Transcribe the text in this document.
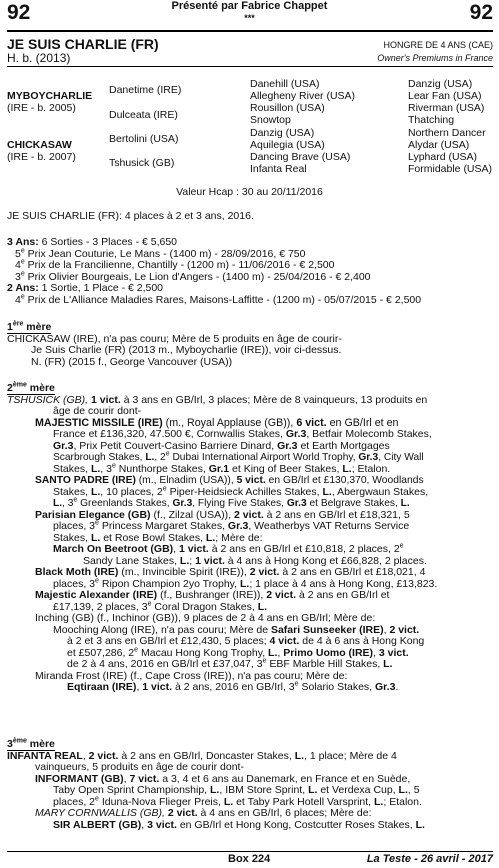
92	92
Présenté par Fabrice Chappet
***
JE SUIS CHARLIE (FR)
H. b. (2013)
HONGRE DE 4 ANS (CAE)
Owner's Premiums in France
MYBOYCHARLIE
(IRE - b. 2005)
CHICKASAW
(IRE - b. 2007)
Danetime (IRE)
Dulceata (IRE)
Bertolini (USA)
Tshusick (GB)
Danehill (USA)
Allegheny River (USA)
Rousillon (USA)
Snowtop
Danzig (USA)
Aquilegia (USA)
Dancing Brave (USA)
Infanta Real
Danzig (USA)
Lear Fan (USA)
Riverman (USA)
Thatching
Northern Dancer
Alydar (USA)
Lyphard (USA)
Formidable (USA)
Valeur Hcap : 30 au 20/11/2016
JE SUIS CHARLIE (FR): 4 places à 2 et 3 ans, 2016.
3 Ans: 6 Sorties - 3 Places - € 5,650
5e Prix Jean Couturie, Le Mans - (1400 m) - 28/09/2016, € 750
4e Prix de la Francilienne, Chantilly - (1200 m) - 11/06/2016 - € 2,500
3e Prix Olivier Bourgeais, Le Lion d'Angers - (1400 m) - 25/04/2016 - € 2,400
2 Ans: 1 Sortie, 1 Place - € 2,500
4e Prix de L'Alliance Maladies Rares, Maisons-Laffitte - (1200 m) - 05/07/2015 - € 2,500
1ère mère
CHICKASAW (IRE), n'a pas couru; Mère de 5 produits en âge de courir-
Je Suis Charlie (FR) (2013 m., Myboycharlie (IRE)), voir ci-dessus.
N. (FR) (2015 f., George Vancouver (USA))
2ème mère
TSHUSICK (GB), 1 vict. à 3 ans en GB/Irl, 3 places; Mère de 8 vainqueurs, 13 produits en
âge de courir dont-
MAJESTIC MISSILE (IRE) (m., Royal Applause (GB)), 6 vict. en GB/Irl et en
France et £136,320, 47.500 €, Cornwallis Stakes, Gr.3, Betfair Molecomb Stakes,
Gr.3, Prix Petit Couvert-Casino Barriere Dinard, Gr.3 et Earth Mortgages
Scarbrough Stakes, L., 2e Dubai International Airport World Trophy, Gr.3, City Wall
Stakes, L., 3e Nunthorpe Stakes, Gr.1 et King of Beer Stakes, L.; Etalon.
SANTO PADRE (IRE) (m., Elnadim (USA)), 5 vict. en GB/Irl et £130,370, Woodlands
Stakes, L., 10 places, 2e Piper-Heidsieck Achilles Stakes, L., Abergwaun Stakes,
L., 3e Greenlands Stakes, Gr.3, Flying Five Stakes, Gr.3 et Belgrave Stakes, L.
Parisian Elegance (GB) (f., Zilzal (USA)), 2 vict. à 2 ans en GB/Irl et £18,321, 5
places, 3e Princess Margaret Stakes, Gr.3, Weatherbys VAT Returns Service
Stakes, L. et Rose Bowl Stakes, L.; Mère de:
March On Beetroot (GB), 1 vict. à 2 ans en GB/Irl et £10,818, 2 places, 2e
Sandy Lane Stakes, L.; 1 vict. à 4 ans à Hong Kong et £66,828, 2 places.
Black Moth (IRE) (m., Invincible Spirit (IRE)), 2 vict. à 2 ans en GB/Irl et £18,021, 4
places, 3e Ripon Champion 2yo Trophy, L.; 1 place à 4 ans à Hong Kong, £13,823.
Majestic Alexander (IRE) (f., Bushranger (IRE)), 2 vict. à 2 ans en GB/Irl et
£17,139, 2 places, 3e Coral Dragon Stakes, L.
Inching (GB) (f., Inchinor (GB)), 9 places de 2 à 4 ans en GB/Irl; Mère de:
Mooching Along (IRE), n'a pas couru; Mère de Safari Sunseeker (IRE), 2 vict.
à 2 et 3 ans en GB/Irl et £12,430, 5 places; 4 vict. de 4 à 6 ans à Hong Kong
et £507,286, 2e Macau Hong Kong Trophy, L., Primo Uomo (IRE), 3 vict.
de 2 à 4 ans, 2016 en GB/Irl et £37,047, 3e EBF Marble Hill Stakes, L.
Miranda Frost (IRE) (f., Cape Cross (IRE)), n'a pas couru; Mère de:
Eqtiraan (IRE), 1 vict. à 2 ans, 2016 en GB/Irl, 3e Solario Stakes, Gr.3.
3ème mère
INFANTA REAL, 2 vict. à 2 ans en GB/Irl, Doncaster Stakes, L., 1 place; Mère de 4
vainqueurs, 5 produits en âge de courir dont-
INFORMANT (GB), 7 vict. a 3, 4 et 6 ans au Danemark, en France et en Suède,
Taby Open Sprint Championship, L., IBM Store Sprint, L. et Verdexa Cup, L., 5
places, 2e Iduna-Nova Flieger Preis, L. et Taby Park Hotell Varsprint, L.; Etalon.
MARY CORNWALLIS (GB), 2 vict. à 4 ans en GB/Irl, 6 places; Mère de:
SIR ALBERT (GB), 3 vict. en GB/Irl et Hong Kong, Costcutter Roses Stakes, L.
Box 224	La Teste - 26 avril - 2017
